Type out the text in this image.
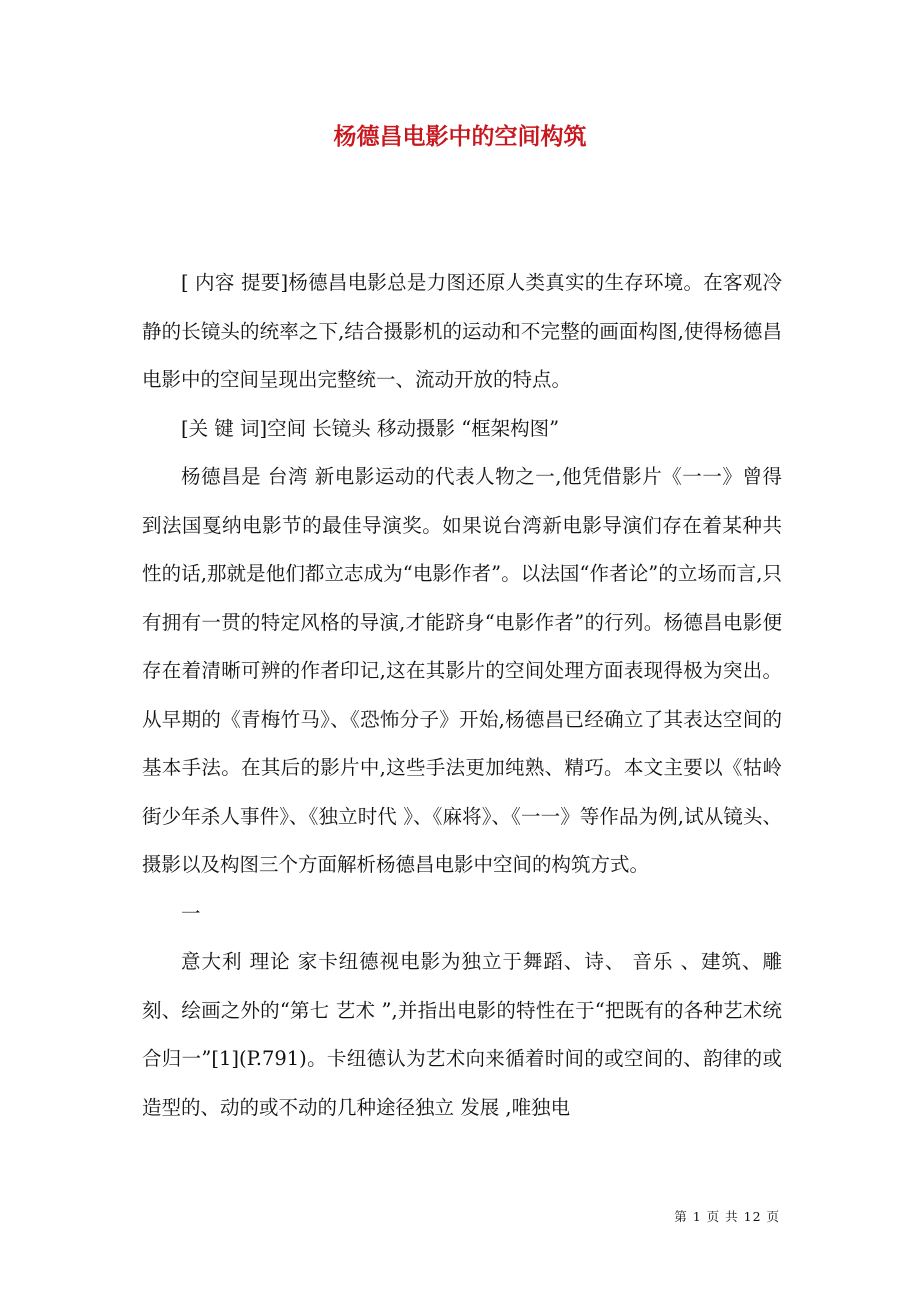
杨德昌电影中的空间构筑

[ 内容 提要]杨德昌电影总是力图还原人类真实的生存环境。在客观冷静的长镜头的统率之下,结合摄影机的运动和不完整的画面构图,使得杨德昌电影中的空间呈现出完整统一、流动开放的特点。

[关 键 词]空间 长镜头 移动摄影 “框架构图”

杨德昌是 台湾 新电影运动的代表人物之一,他凭借影片《一一》曾得到法国戛纳电影节的最佳导演奖。如果说台湾新电影导演们存在着某种共性的话,那就是他们都立志成为“电影作者”。以法国“作者论”的立场而言,只有拥有一贯的特定风格的导演,才能跻身“电影作者”的行列。杨德昌电影便存在着清晰可辨的作者印记,这在其影片的空间处理方面表现得极为突出。从早期的《青梅竹马》、《恐怖分子》开始,杨德昌已经确立了其表达空间的基本手法。在其后的影片中,这些手法更加纯熟、精巧。本文主要以《牯岭街少年杀人事件》、《独立时代 》、《麻将》、《一一》等作品为例,试从镜头、摄影以及构图三个方面解析杨德昌电影中空间的构筑方式。

一

意大利 理论 家卡纽德视电影为独立于舞蹈、诗、 音乐 、建筑、雕刻、绘画之外的“第七 艺术 ”,并指出电影的特性在于“把既有的各种艺术统合归一”[1](P.791)。卡纽德认为艺术向来循着时间的或空间的、韵律的或造型的、动的或不动的几种途径独立 发展 ,唯独电

第 1 页 共 12 页
